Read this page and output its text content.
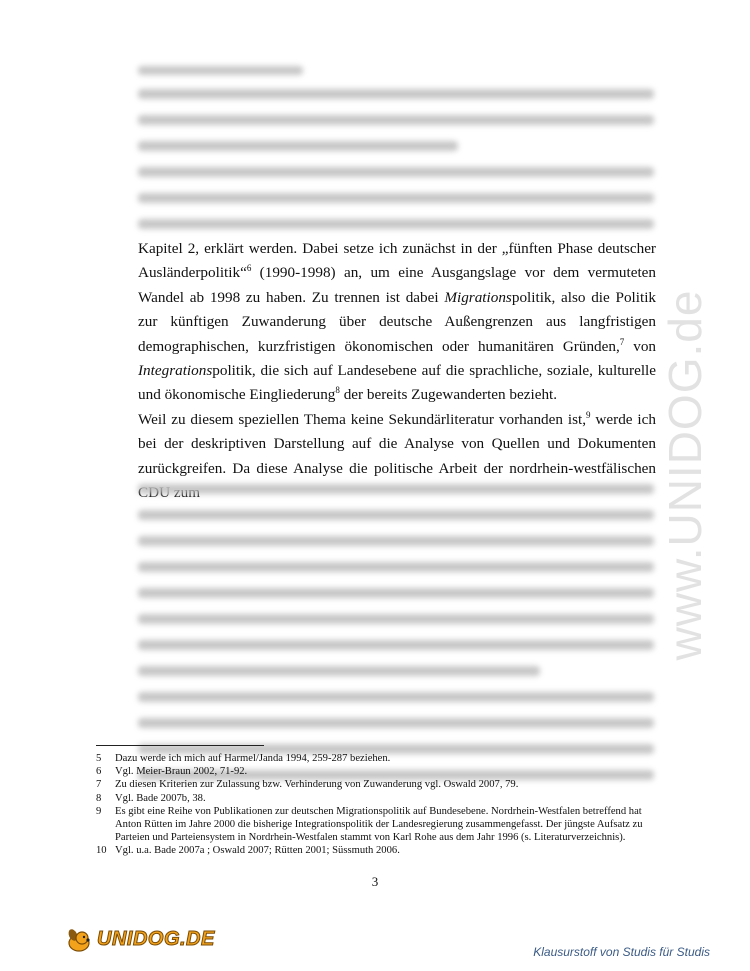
Kapitel 2, erklärt werden. Dabei setze ich zunächst in der „fünften Phase deutscher Ausländerpolitik“$^6$ (1990-1998) an, um eine Ausgangslage vor dem vermuteten Wandel ab 1998 zu haben. Zu trennen ist dabei Migrationspolitik, also die Politik zur künftigen Zuwanderung über deutsche Außengrenzen aus langfristigen demographischen, kurzfristigen ökonomischen oder humanitären Gründen,$^7$ von Integrationspolitik, die sich auf Landesebene auf die sprachliche, soziale, kulturelle und ökonomische Eingliederung$^8$ der bereits Zugewanderten bezieht.

Weil zu diesem speziellen Thema keine Sekundärliteratur vorhanden ist,$^9$ werde ich bei der deskriptiven Darstellung auf die Analyse von Quellen und Dokumenten zurückgreifen. Da diese Analyse die politische Arbeit der nordrhein-westfälischen www.UNIDOG.de
5	Dazu werde ich mich auf Harmel/Janda 1994, 259-287 beziehen.
6	Vgl. Meier-Braun 2002, 71-92.
7	Zu diesen Kriterien zur Zulassung bzw. Verhinderung von Zuwanderung vgl. Oswald 2007, 79.
8	Vgl. Bade 2007b, 38.
9	Es gibt eine Reihe von Publikationen zur deutschen Migrationspolitik auf Bundesebene. Nordrhein-Westfalen betreffend hat Anton Rütten im Jahre 2000 die bisherige Integrationspolitik der Landesregierung zusammengefasst. Der jüngste Aufsatz zu Parteien und Parteiensystem in Nordrhein-Westfalen stammt von Karl Rohe aus dem Jahr 1996 (s. Literaturverzeichnis).
10 Vgl. u.a. Bade 2007a ; Oswald 2007; Rütten 2001; Süssmuth 2006.
3
UNIDOG.DE
Klausurstoff von Studis für Studis
